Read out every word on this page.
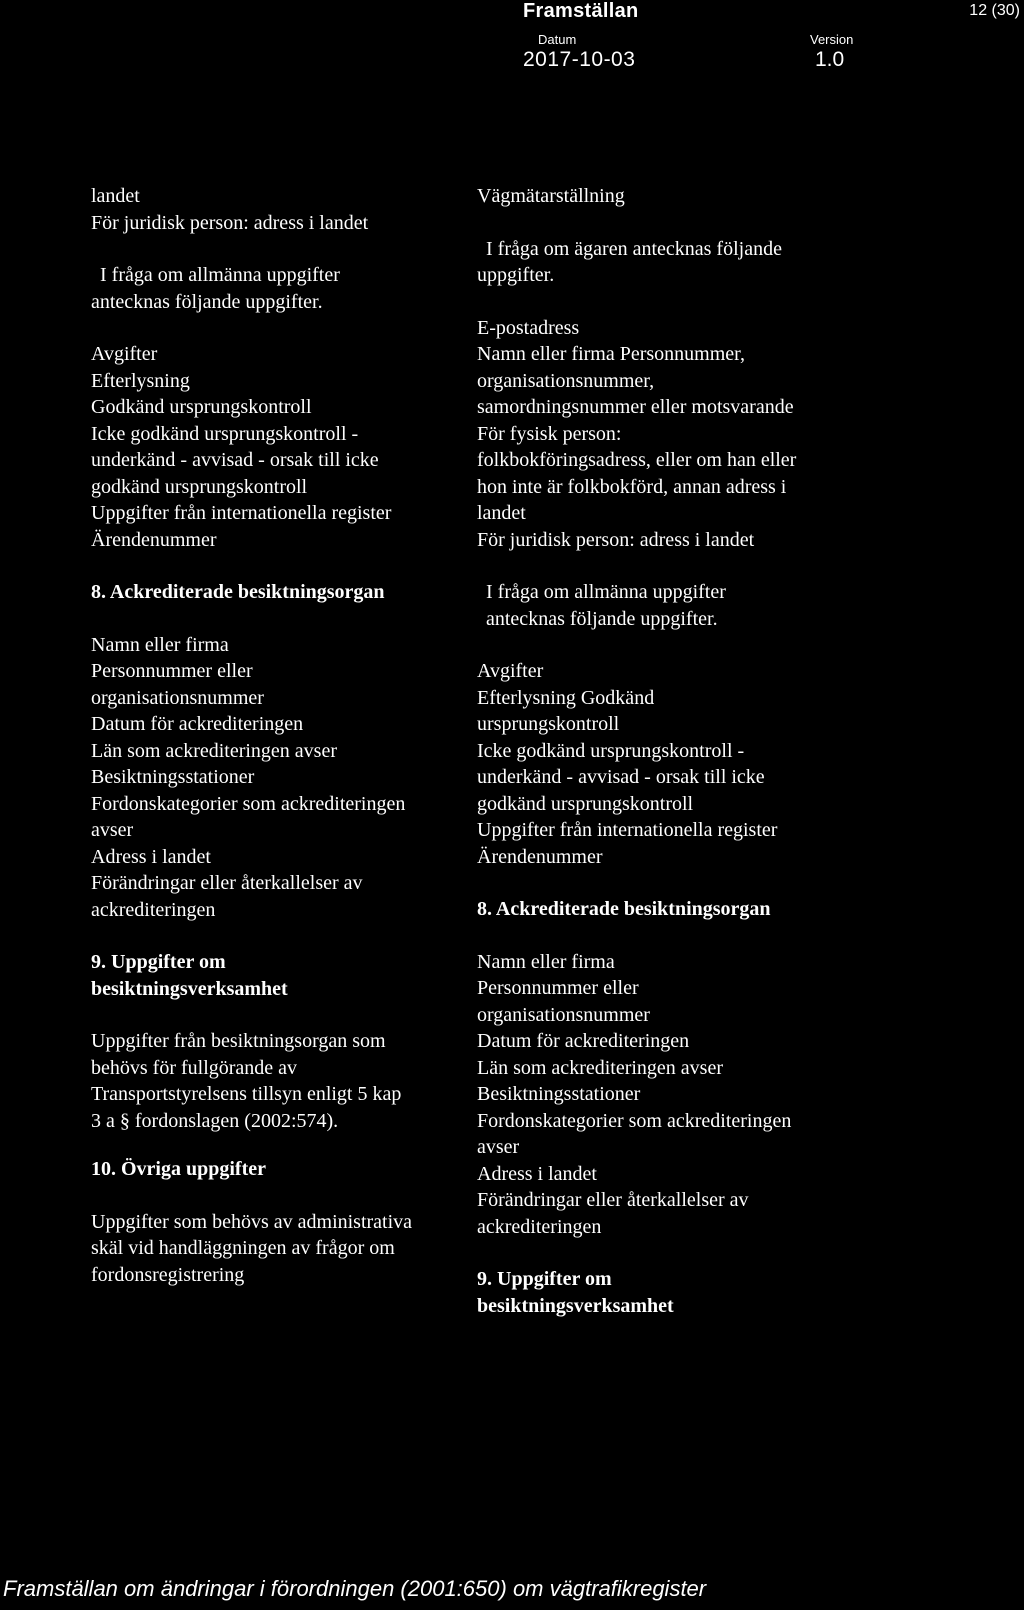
Framställan	12 (30)
Datum
2017-10-03
Version
1.0
landet
För juridisk person: adress i landet
I fråga om allmänna uppgifter
antecknas följande uppgifter.
Avgifter
Efterlysning
Godkänd ursprungskontroll
Icke godkänd ursprungskontroll -
underkänd - avvisad - orsak till icke
godkänd ursprungskontroll
Uppgifter från internationella register
Ärendenummer
8. Ackrediterade besiktningsorgan
Namn eller firma
Personnummer eller
organisationsnummer
Datum för ackrediteringen
Län som ackrediteringen avser
Besiktningsstationer
Fordonskategorier som ackrediteringen
avser
Adress i landet
Förändringar eller återkallelser av
ackrediteringen
9. Uppgifter om
besiktningsverksamhet
Uppgifter från besiktningsorgan som
behövs för fullgörande av
Transportstyrelsens tillsyn enligt 5 kap
3 a § fordonslagen (2002:574).
10. Övriga uppgifter
Uppgifter som behövs av administrativa
skäl vid handläggningen av frågor om
fordonsregistrering
Vägmätarställning
I fråga om ägaren antecknas följande
uppgifter.
E-postadress
Namn eller firma Personnummer,
organisationsnummer,
samordningsnummer eller motsvarande
För fysisk person:
folkbokföringsadress, eller om han eller
hon inte är folkbokförd, annan adress i
landet
För juridisk person: adress i landet
I fråga om allmänna uppgifter
antecknas följande uppgifter.
Avgifter
Efterlysning Godkänd
ursprungskontroll
Icke godkänd ursprungskontroll -
underkänd - avvisad - orsak till icke
godkänd ursprungskontroll
Uppgifter från internationella register
Ärendenummer
8. Ackrediterade besiktningsorgan
Namn eller firma
Personnummer eller
organisationsnummer
Datum för ackrediteringen
Län som ackrediteringen avser
Besiktningsstationer
Fordonskategorier som ackrediteringen
avser
Adress i landet
Förändringar eller återkallelser av
ackrediteringen
9. Uppgifter om
besiktningsverksamhet
Framställan om ändringar i förordningen (2001:650) om vägtrafikregister
